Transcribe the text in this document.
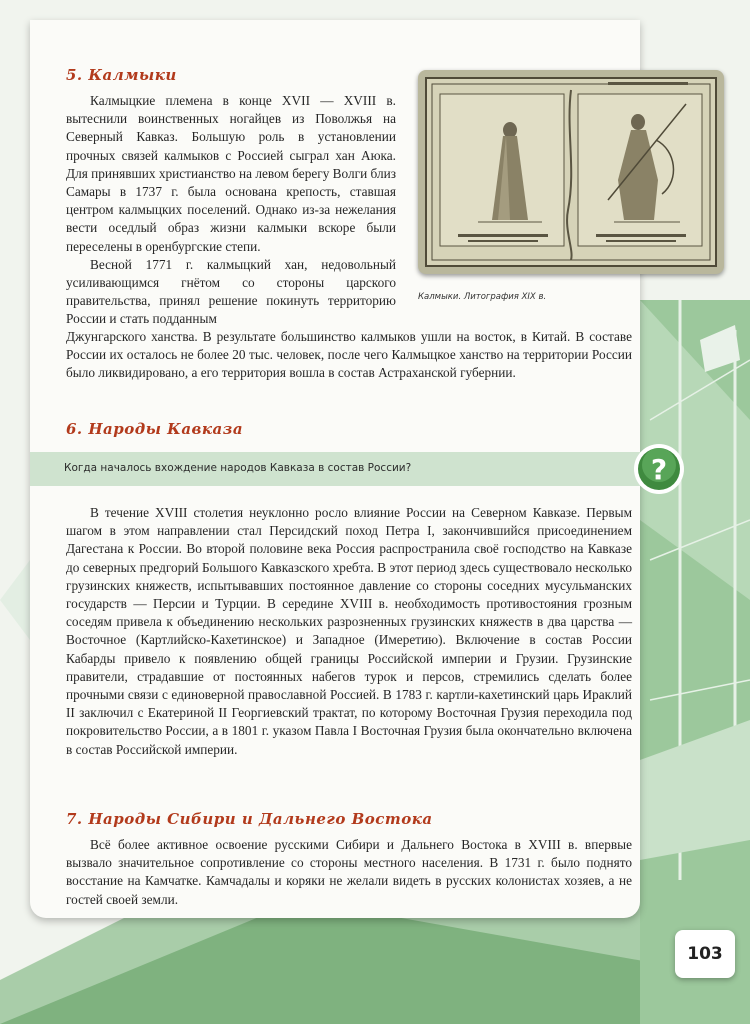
5. Калмыки

Калмыцкие племена в конце XVII — XVIII в. вытеснили воинственных ногайцев из Поволжья на Северный Кавказ. Большую роль в установлении прочных связей калмыков с Россией сыграл хан Аюка. Для принявших христианство на левом берегу Волги близ Самары в 1737 г. была основана крепость, ставшая центром калмыцких поселений. Однако из-за нежелания вести оседлый образ жизни калмыки вскоре были переселены в оренбургские степи.

Весной 1771 г. калмыцкий хан, недовольный усиливающимся гнётом со стороны царского правительства, принял решение покинуть территорию России и стать подданным

Джунгарского ханства. В результате большинство калмыков ушли на восток, в Китай. В составе России их осталось не более 20 тыс. человек, после чего Калмыцкое ханство на территории России было ликвидировано, а его территория вошла в состав Астраханской губернии.

Калмыки. Литография XIX в.

6. Народы Кавказа

Когда началось вхождение народов Кавказа в состав России?	?

В течение XVIII столетия неуклонно росло влияние России на Северном Кавказе. Первым шагом в этом направлении стал Персидский поход Петра I, закончившийся присоединением Дагестана к России. Во второй половине века Россия распространила своё господство на Кавказе до северных предгорий Большого Кавказского хребта. В этот период здесь существовало несколько грузинских княжеств, испытывавших постоянное давление со стороны соседних мусульманских государств — Персии и Турции. В середине XVIII в. необходимость противостояния грозным соседям привела к объединению нескольких разрозненных грузинских княжеств в два царства — Восточное (Картлийско-Кахетинское) и Западное (Имеретию). Включение в состав России Кабарды привело к появлению общей границы Российской империи и Грузии. Грузинские правители, страдавшие от постоянных набегов турок и персов, стремились сделать более прочными связи с единоверной православной Россией. В 1783 г. картли-кахетинский царь Ираклий II заключил с Екатериной II Георгиевский трактат, по которому Восточная Грузия переходила под покровительство России, а в 1801 г. указом Павла I Восточная Грузия была окончательно включена в состав Российской империи.

7. Народы Сибири и Дальнего Востока

Всё более активное освоение русскими Сибири и Дальнего Востока в XVIII в. впервые вызвало значительное сопротивление со стороны местного населения. В 1731 г. было поднято восстание на Камчатке. Камчадалы и коряки не желали видеть в русских колонистах хозяев, а не гостей своей земли.

103
